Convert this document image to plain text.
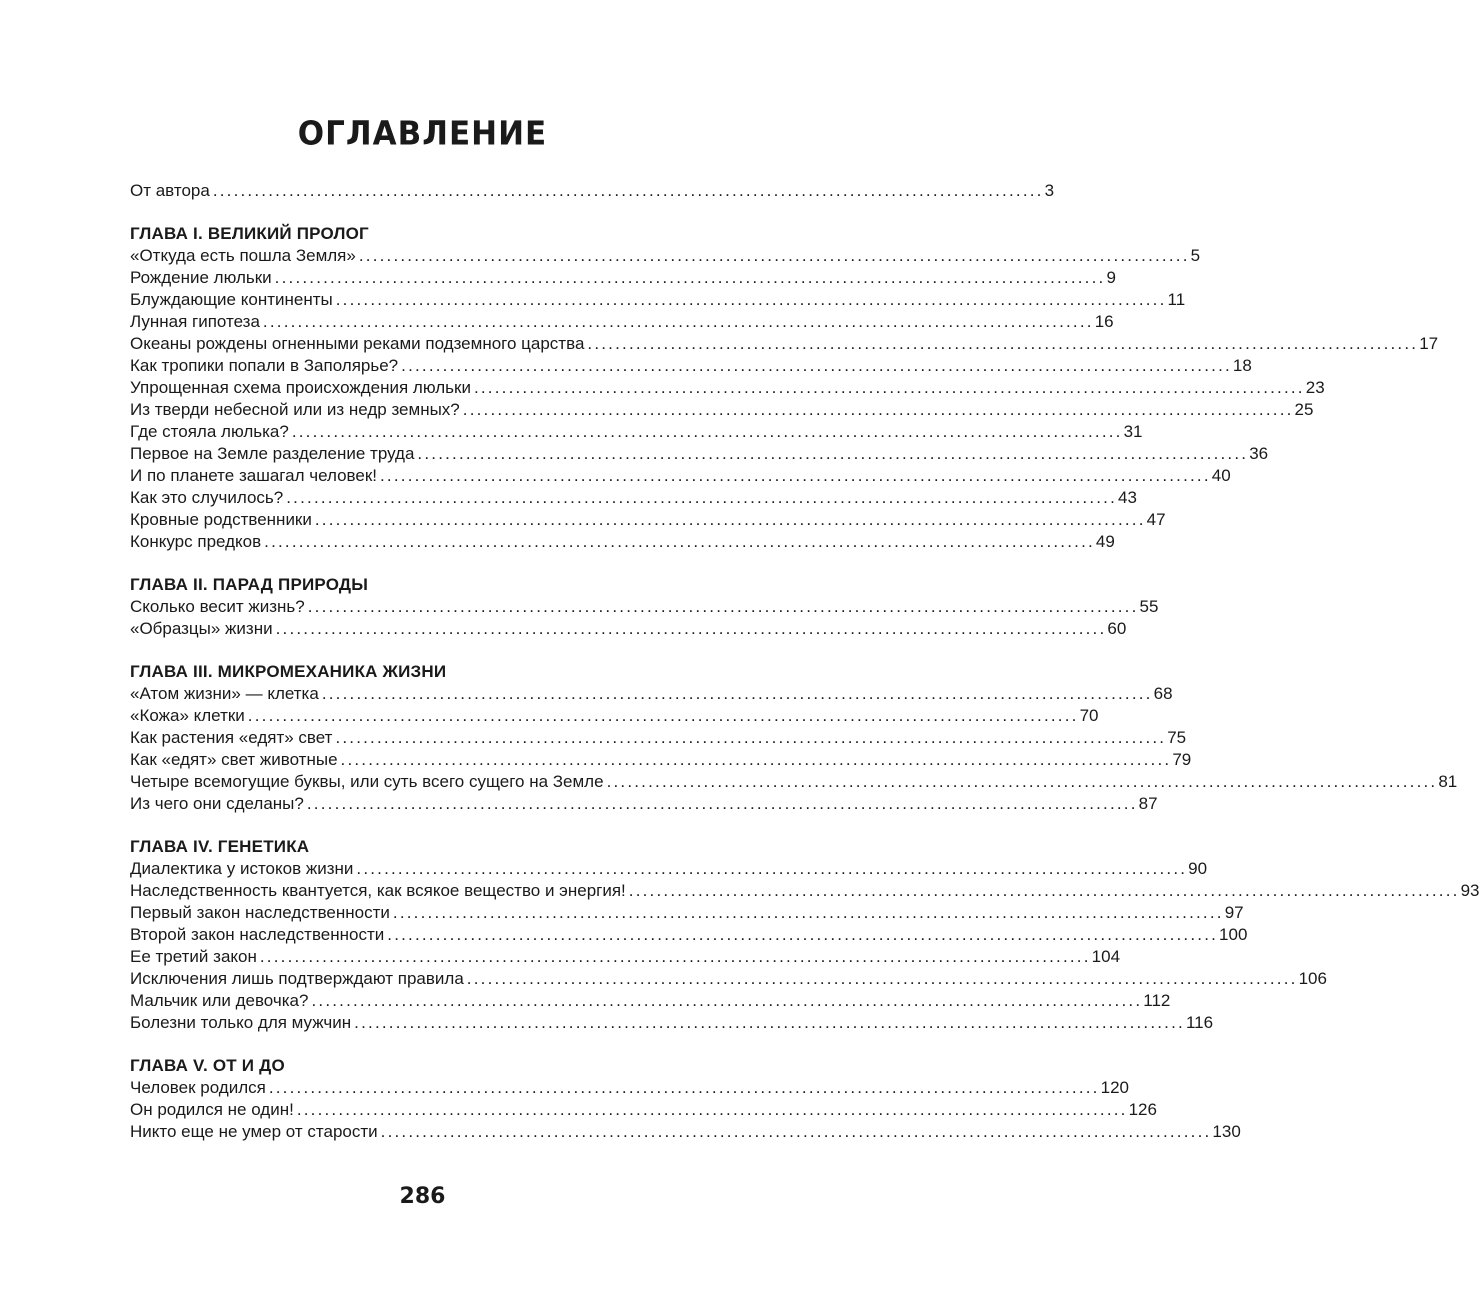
ОГЛАВЛЕНИЕ
От автора ........................................................................................................................ 3
ГЛАВА I. ВЕЛИКИЙ ПРОЛОГ
«Откуда есть пошла Земля» ........................................................................................................................ 5
Рождение люльки ........................................................................................................................ 9
Блуждающие континенты ........................................................................................................................ 11
Лунная гипотеза ........................................................................................................................ 16
Океаны рождены огненными реками подземного царства ........................................................................................................................ 17
Как тропики попали в Заполярье? ........................................................................................................................ 18
Упрощенная схема происхождения люльки ........................................................................................................................ 23
Из тверди небесной или из недр земных? ........................................................................................................................ 25
Где стояла люлька? ........................................................................................................................ 31
Первое на Земле разделение труда ........................................................................................................................ 36
И по планете зашагал человек! ........................................................................................................................ 40
Как это случилось? ........................................................................................................................ 43
Кровные родственники ........................................................................................................................ 47
Конкурс предков ........................................................................................................................ 49
ГЛАВА II. ПАРАД ПРИРОДЫ
Сколько весит жизнь? ........................................................................................................................ 55
«Образцы» жизни ........................................................................................................................ 60
ГЛАВА III. МИКРОМЕХАНИКА ЖИЗНИ
«Атом жизни» — клетка ........................................................................................................................ 68
«Кожа» клетки ........................................................................................................................ 70
Как растения «едят» свет ........................................................................................................................ 75
Как «едят» свет животные ........................................................................................................................ 79
Четыре всемогущие буквы, или суть всего сущего на Земле ........................................................................................................................ 81
Из чего они сделаны? ........................................................................................................................ 87
ГЛАВА IV. ГЕНЕТИКА
Диалектика у истоков жизни ........................................................................................................................ 90
Наследственность квантуется, как всякое вещество и энергия! ........................................................................................................................ 93
Первый закон наследственности ........................................................................................................................ 97
Второй закон наследственности ........................................................................................................................ 100
Ее третий закон ........................................................................................................................ 104
Исключения лишь подтверждают правила ........................................................................................................................ 106
Мальчик или девочка? ........................................................................................................................ 112
Болезни только для мужчин ........................................................................................................................ 116
ГЛАВА V. ОТ И ДО
Человек родился ........................................................................................................................ 120
Он родился не один! ........................................................................................................................ 126
Никто еще не умер от старости ........................................................................................................................ 130
286
